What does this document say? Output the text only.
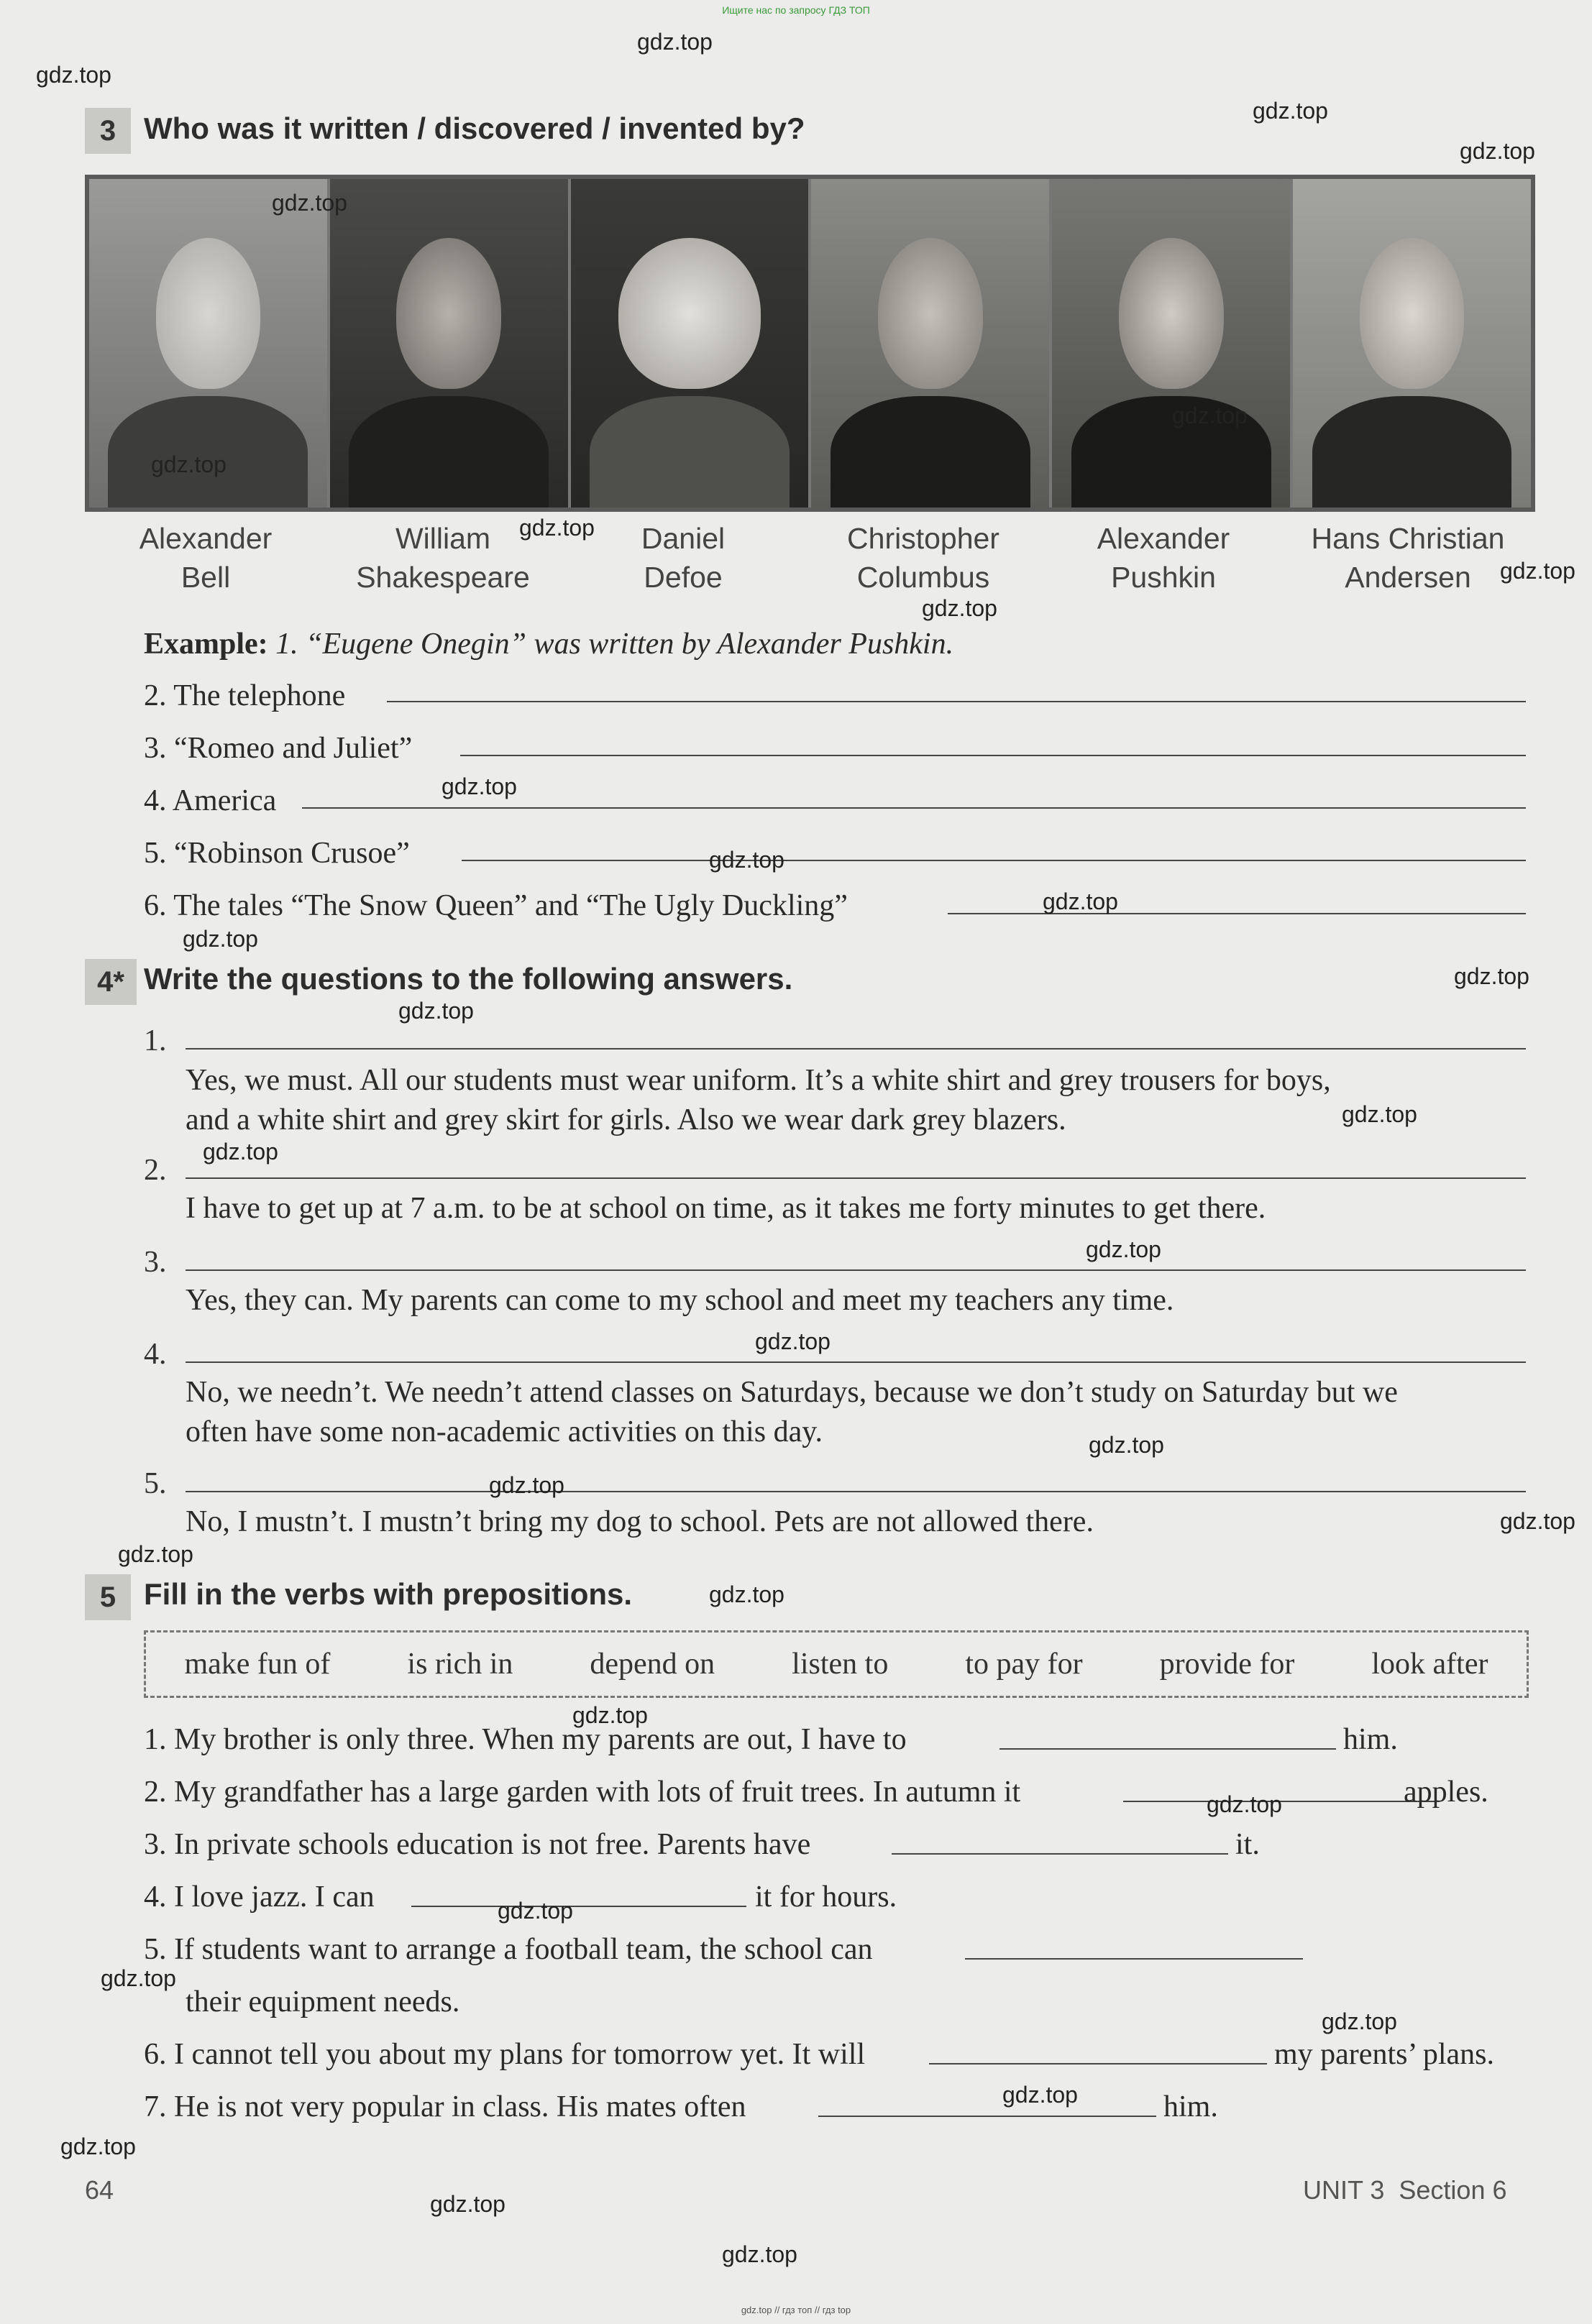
Ищите нас по запросу ГДЗ ТОП
3 Who was it written / discovered / invented by?
Alexander
Bell
William
Shakespeare
Daniel
Defoe
Christopher
Columbus
Alexander
Pushkin
Hans Christian
Andersen
Example: 1. “Eugene Onegin” was written by Alexander Pushkin.
2. The telephone
3. “Romeo and Juliet”
4. America
5. “Robinson Crusoe”
6. The tales “The Snow Queen” and “The Ugly Duckling”
4* Write the questions to the following answers.
1.
Yes, we must. All our students must wear uniform. It’s a white shirt and grey trousers for boys,
and a white shirt and grey skirt for girls. Also we wear dark grey blazers.
2.
I have to get up at 7 a.m. to be at school on time, as it takes me forty minutes to get there.
3.
Yes, they can. My parents can come to my school and meet my teachers any time.
4.
No, we needn’t. We needn’t attend classes on Saturdays, because we don’t study on Saturday but we
often have some non-academic activities on this day.
5.
No, I mustn’t. I mustn’t bring my dog to school. Pets are not allowed there.
5 Fill in the verbs with prepositions.
make fun of	is rich in	depend on	listen to	to pay for	provide for	look after
1. My brother is only three. When my parents are out, I have to	him.
2. My grandfather has a large garden with lots of fruit trees. In autumn it	apples.
3. In private schools education is not free. Parents have	it.
4. I love jazz. I can	it for hours.
5. If students want to arrange a football team, the school can
their equipment needs.
6. I cannot tell you about my plans for tomorrow yet. It will	my parents’ plans.
7. He is not very popular in class. His mates often	him.
64	UNIT 3 Section 6
gdz.top
gdz.top
gdz.top
gdz.top
gdz.top
gdz.top
gdz.top
gdz.top
gdz.top
gdz.top
gdz.top
gdz.top
gdz.top
gdz.top
gdz.top
gdz.top
gdz.top
gdz.top
gdz.top
gdz.top
gdz.top
gdz.top
gdz.top
gdz.top
gdz.top
gdz.top
gdz.top
gdz.top
gdz.top
gdz.top
gdz.top
gdz.top
gdz.top
gdz.top
gdz.top // гдз топ // гдз top
